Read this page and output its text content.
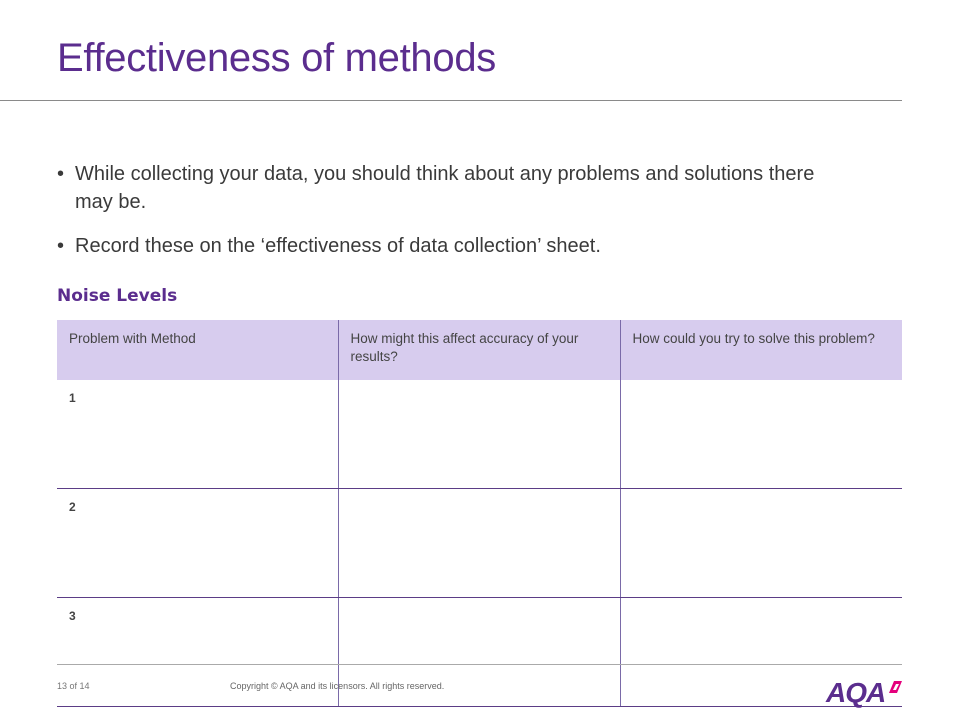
Effectiveness of methods
• While collecting your data, you should think about any problems and solutions there may be.
• Record these on the ‘effectiveness of data collection’ sheet.
Noise Levels
Problem with Method	How might this affect accuracy of your results?	How could you try to solve this problem?
1		
2		
3		
13 of 14	Copyright © AQA and its licensors. All rights reserved.	AQA
